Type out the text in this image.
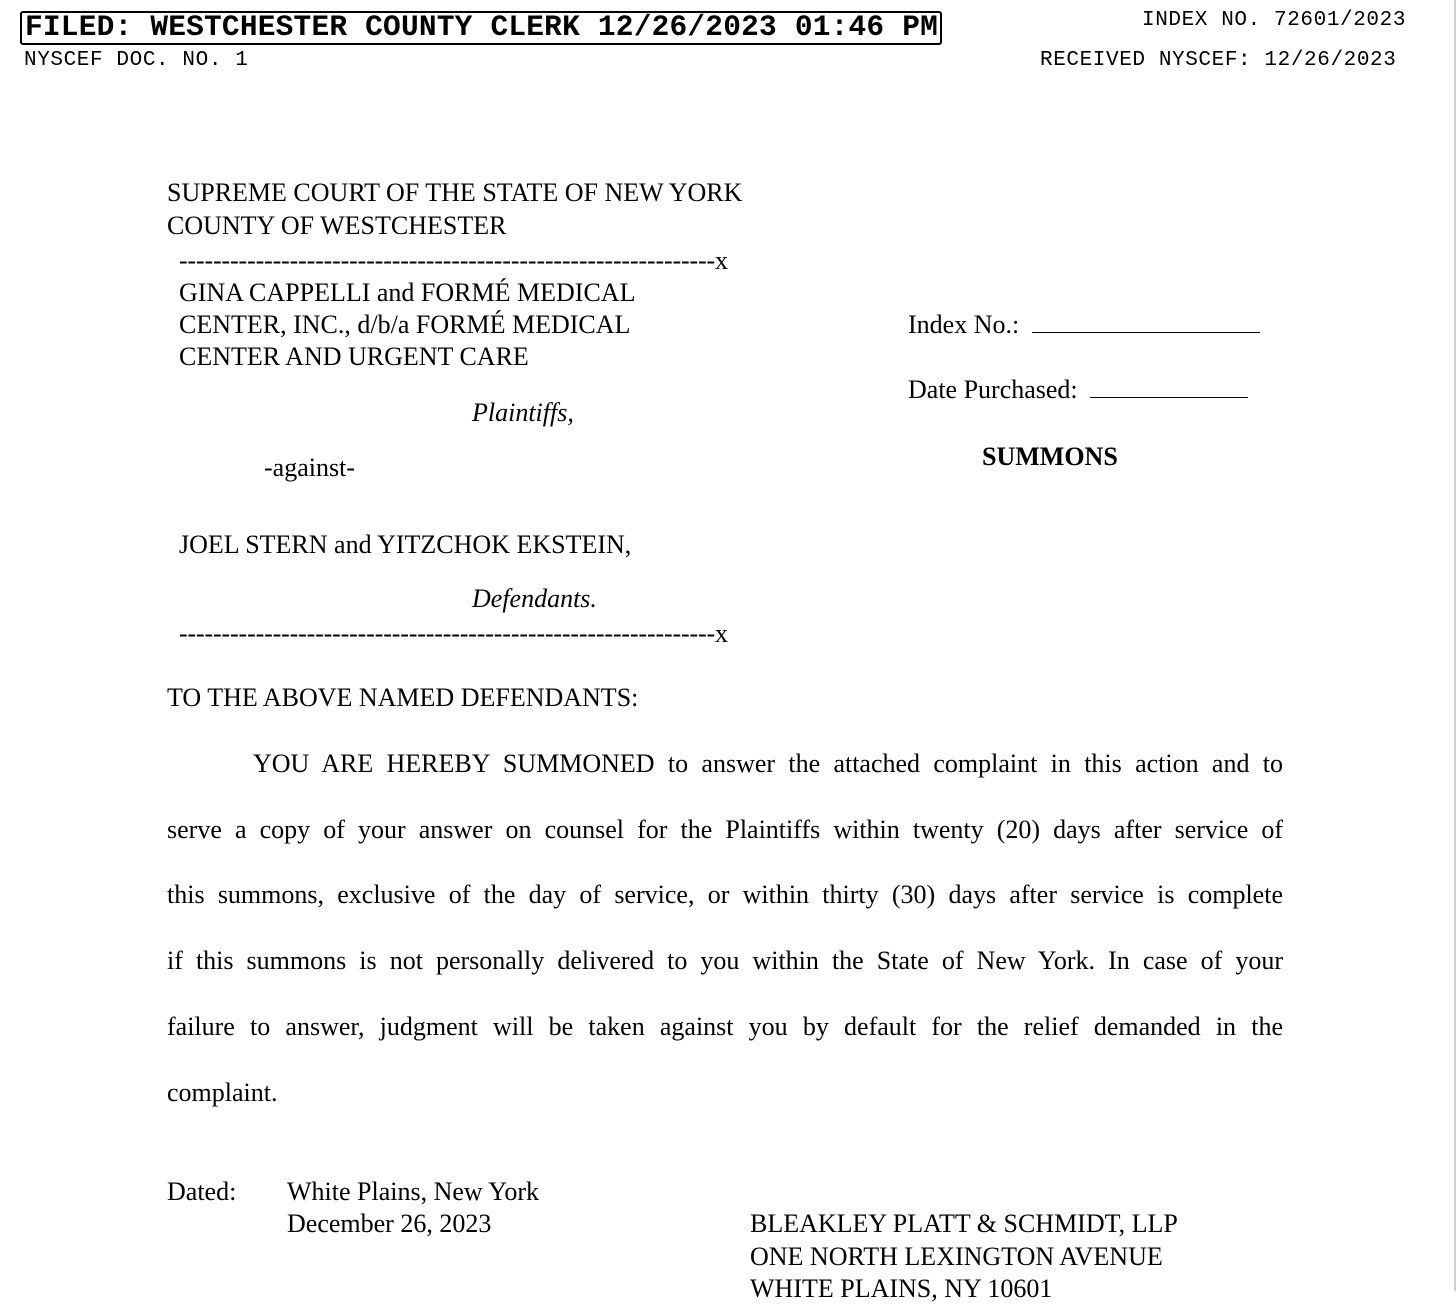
FILED: WESTCHESTER COUNTY CLERK 12/26/2023 01:46 PM	INDEX NO. 72601/2023
NYSCEF DOC. NO. 1	RECEIVED NYSCEF: 12/26/2023
SUPREME COURT OF THE STATE OF NEW YORK
COUNTY OF WESTCHESTER
---------------------------------------------------------------x
GINA CAPPELLI and FORMÉ MEDICAL
CENTER, INC., d/b/a FORMÉ MEDICAL
CENTER AND URGENT CARE
Plaintiffs,
-against-
JOEL STERN and YITZCHOK EKSTEIN,
Defendants.
---------------------------------------------------------------x
Index No.:
Date Purchased:
SUMMONS
TO THE ABOVE NAMED DEFENDANTS:
YOU ARE HEREBY SUMMONED to answer the attached complaint in this action and to
serve a copy of your answer on counsel for the Plaintiffs within twenty (20) days after service of
this summons, exclusive of the day of service, or within thirty (30) days after service is complete
if this summons is not personally delivered to you within the State of New York. In case of your
failure to answer, judgment will be taken against you by default for the relief demanded in the
complaint.
Dated: White Plains, New York
December 26, 2023	BLEAKLEY PLATT & SCHMIDT, LLP
ONE NORTH LEXINGTON AVENUE
WHITE PLAINS, NY 10601
